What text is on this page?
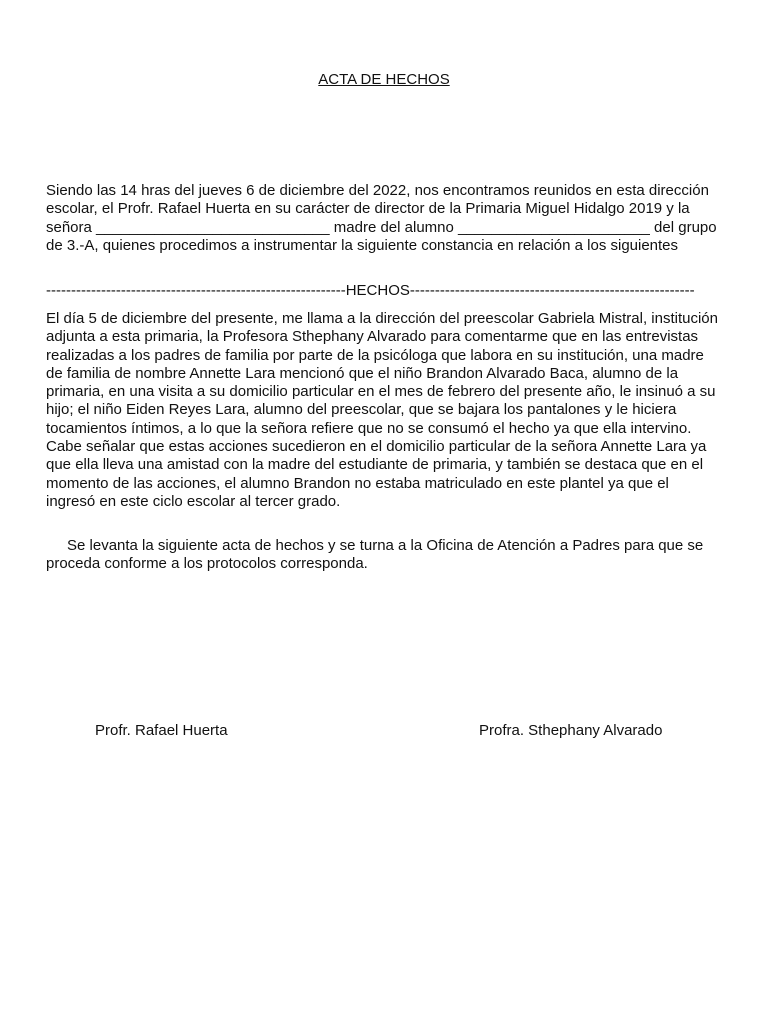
ACTA DE HECHOS

Siendo las 14 hras del jueves 6 de diciembre del 2022, nos encontramos reunidos en esta dirección escolar, el Profr. Rafael Huerta en su carácter de director de la Primaria Miguel Hidalgo 2019 y la señora ____________________________ madre del alumno _______________________ del grupo de 3.-A, quienes procedimos a instrumentar la siguiente constancia en relación a los siguientes

------------------------------------------------------------HECHOS---------------------------------------------------------

El día 5 de diciembre del presente, me llama a la dirección del preescolar Gabriela Mistral, institución adjunta a esta primaria, la Profesora Sthephany Alvarado para comentarme que en las entrevistas realizadas a los padres de familia por parte de la psicóloga que labora en su institución, una madre de familia de nombre Annette Lara mencionó que el niño Brandon Alvarado Baca, alumno de la primaria, en una visita a su domicilio particular en el mes de febrero del presente año, le insinuó a su hijo; el niño Eiden Reyes Lara, alumno del preescolar, que se bajara los pantalones y le hiciera tocamientos íntimos, a lo que la señora refiere que no se consumó el hecho ya que ella intervino. Cabe señalar que estas acciones sucedieron en el domicilio particular de la señora Annette Lara ya que ella lleva una amistad con la madre del estudiante de primaria, y también se destaca que en el momento de las acciones, el alumno Brandon no estaba matriculado en este plantel ya que el ingresó en este ciclo escolar al tercer grado.

Se levanta la siguiente acta de hechos y se turna a la Oficina de Atención a Padres para que se proceda conforme a los protocolos corresponda.

Profr. Rafael Huerta	Profra. Sthephany Alvarado
